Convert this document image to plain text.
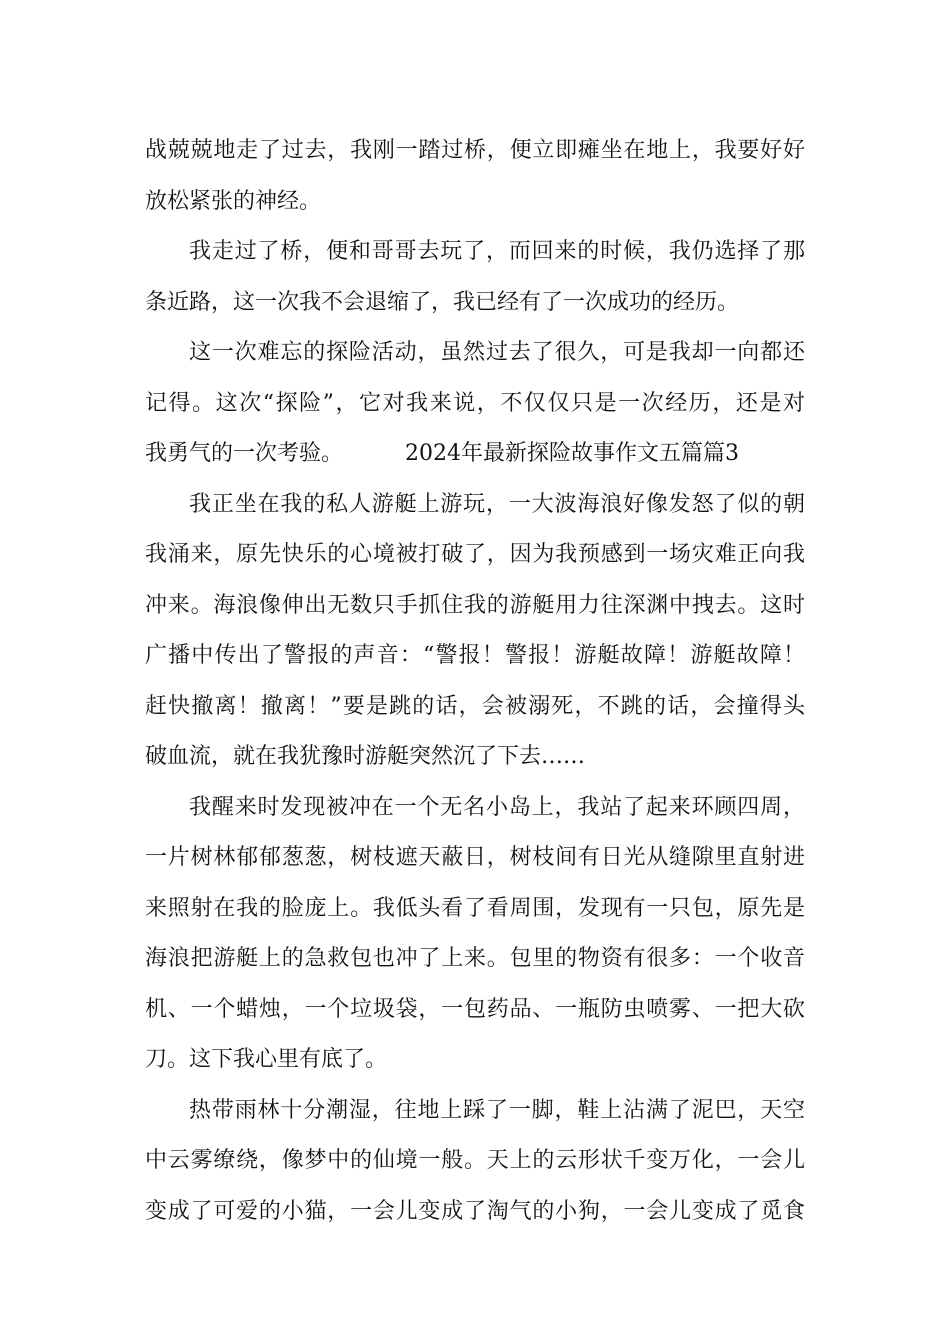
战兢兢地走了过去，我刚一踏过桥，便立即瘫坐在地上，我要好好
放松紧张的神经。
我走过了桥，便和哥哥去玩了，而回来的时候，我仍选择了那
条近路，这一次我不会退缩了，我已经有了一次成功的经历。
这一次难忘的探险活动，虽然过去了很久，可是我却一向都还
记得。这次“探险”，它对我来说，不仅仅只是一次经历，还是对
我勇气的一次考验。	2024年最新探险故事作文五篇篇3
我正坐在我的私人游艇上游玩，一大波海浪好像发怒了似的朝
我涌来，原先快乐的心境被打破了，因为我预感到一场灾难正向我
冲来。海浪像伸出无数只手抓住我的游艇用力往深渊中拽去。这时
广播中传出了警报的声音：“警报！警报！游艇故障！游艇故障！
赶快撤离！撤离！”要是跳的话，会被溺死，不跳的话，会撞得头
破血流，就在我犹豫时游艇突然沉了下去……
我醒来时发现被冲在一个无名小岛上，我站了起来环顾四周，
一片树林郁郁葱葱，树枝遮天蔽日，树枝间有日光从缝隙里直射进
来照射在我的脸庞上。我低头看了看周围，发现有一只包，原先是
海浪把游艇上的急救包也冲了上来。包里的物资有很多：一个收音
机、一个蜡烛，一个垃圾袋，一包药品、一瓶防虫喷雾、一把大砍
刀。这下我心里有底了。
热带雨林十分潮湿，往地上踩了一脚，鞋上沾满了泥巴，天空
中云雾缭绕，像梦中的仙境一般。天上的云形状千变万化，一会儿
变成了可爱的小猫，一会儿变成了淘气的小狗，一会儿变成了觅食
